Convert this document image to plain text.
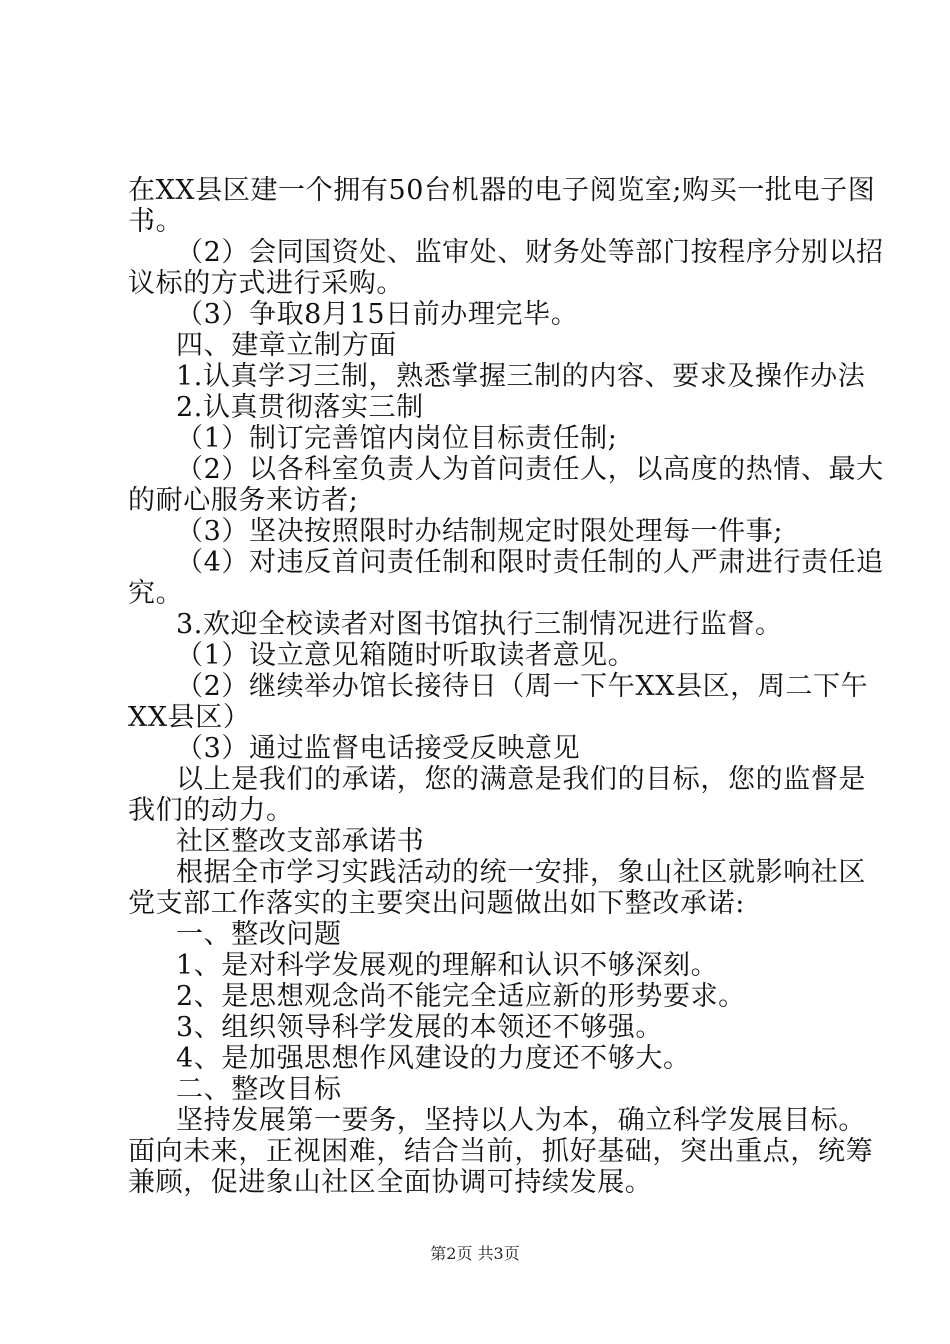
在XX县区建一个拥有50台机器的电子阅览室;购买一批电子图
书。
（2）会同国资处、监审处、财务处等部门按程序分别以招
议标的方式进行采购。
（3）争取8月15日前办理完毕。
四、建章立制方面
1.认真学习三制，熟悉掌握三制的内容、要求及操作办法
2.认真贯彻落实三制
（1）制订完善馆内岗位目标责任制;
（2）以各科室负责人为首问责任人，以高度的热情、最大
的耐心服务来访者;
（3）坚决按照限时办结制规定时限处理每一件事;
（4）对违反首问责任制和限时责任制的人严肃进行责任追
究。
3.欢迎全校读者对图书馆执行三制情况进行监督。
（1）设立意见箱随时听取读者意见。
（2）继续举办馆长接待日（周一下午XX县区，周二下午
XX县区）
（3）通过监督电话接受反映意见
以上是我们的承诺，您的满意是我们的目标，您的监督是
我们的动力。
社区整改支部承诺书
根据全市学习实践活动的统一安排，象山社区就影响社区
党支部工作落实的主要突出问题做出如下整改承诺:
一、整改问题
1、是对科学发展观的理解和认识不够深刻。
2、是思想观念尚不能完全适应新的形势要求。
3、组织领导科学发展的本领还不够强。
4、是加强思想作风建设的力度还不够大。
二、整改目标
坚持发展第一要务，坚持以人为本，确立科学发展目标。
面向未来，正视困难，结合当前，抓好基础，突出重点，统筹
兼顾，促进象山社区全面协调可持续发展。
第2页 共3页
